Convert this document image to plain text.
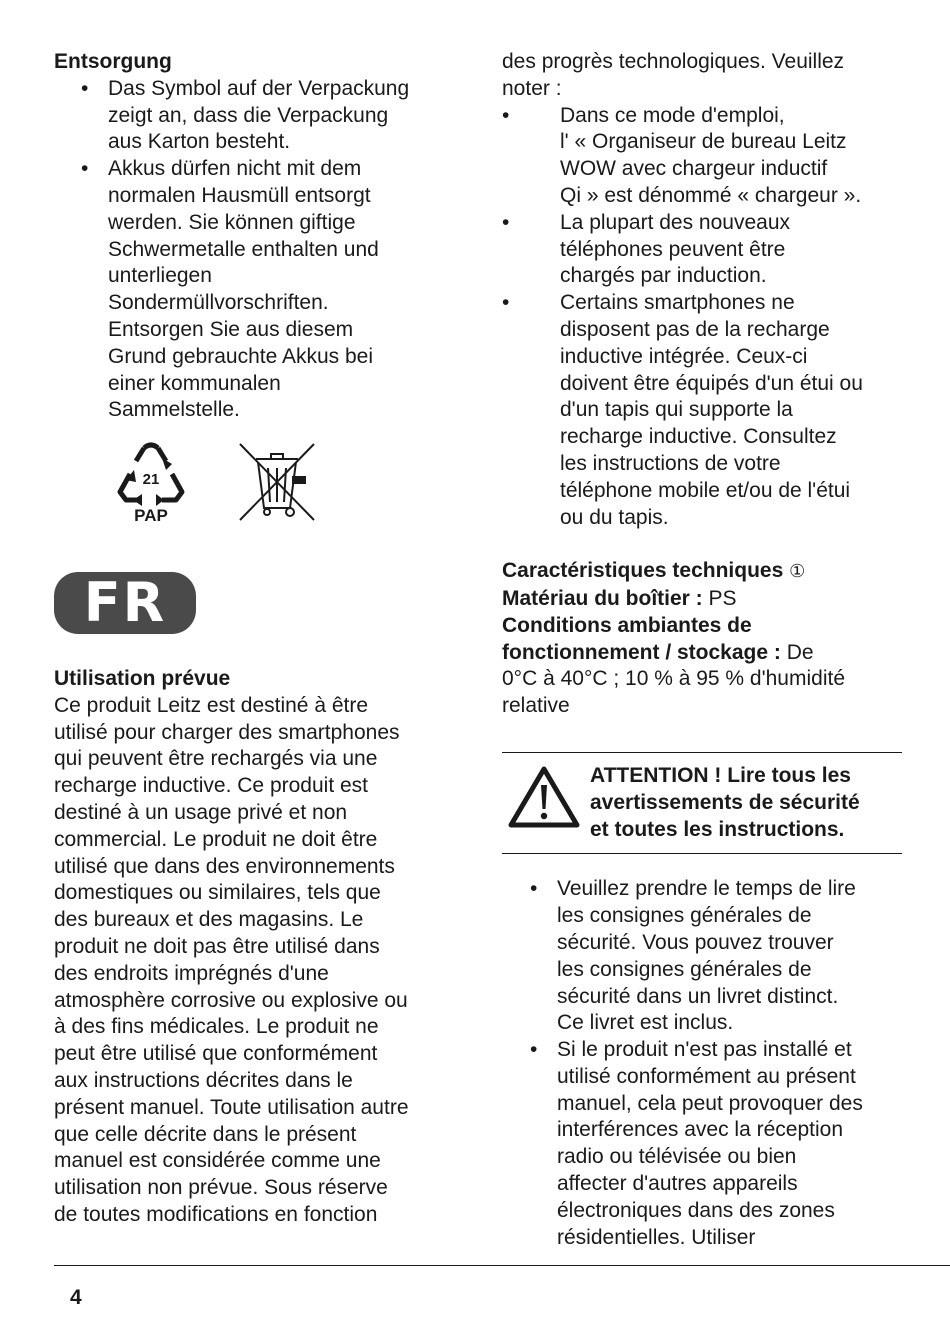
Entsorgung
• Das Symbol auf der Verpackung
zeigt an, dass die Verpackung
aus Karton besteht.
• Akkus dürfen nicht mit dem
normalen Hausmüll entsorgt
werden. Sie können giftige
Schwermetalle enthalten und
unterliegen
Sondermüllvorschriften.
Entsorgen Sie aus diesem
Grund gebrauchte Akkus bei
einer kommunalen
Sammelstelle.
21
PAP
FR
Utilisation prévue
Ce produit Leitz est destiné à être
utilisé pour charger des smartphones
qui peuvent être rechargés via une
recharge inductive. Ce produit est
destiné à un usage privé et non
commercial. Le produit ne doit être
utilisé que dans des environnements
domestiques ou similaires, tels que
des bureaux et des magasins. Le
produit ne doit pas être utilisé dans
des endroits imprégnés d'une
atmosphère corrosive ou explosive ou
à des fins médicales. Le produit ne
peut être utilisé que conformément
aux instructions décrites dans le
présent manuel. Toute utilisation autre
que celle décrite dans le présent
manuel est considérée comme une
utilisation non prévue. Sous réserve
de toutes modifications en fonction
des progrès technologiques. Veuillez
noter :
• Dans ce mode d'emploi,
l' « Organiseur de bureau Leitz
WOW avec chargeur inductif
Qi » est dénommé « chargeur ».
• La plupart des nouveaux
téléphones peuvent être
chargés par induction.
• Certains smartphones ne
disposent pas de la recharge
inductive intégrée. Ceux-ci
doivent être équipés d'un étui ou
d'un tapis qui supporte la
recharge inductive. Consultez
les instructions de votre
téléphone mobile et/ou de l'étui
ou du tapis.
Caractéristiques techniques ①
Matériau du boîtier : PS
Conditions ambiantes de
fonctionnement / stockage : De
0°C à 40°C ; 10 % à 95 % d'humidité
relative
ATTENTION ! Lire tous les
avertissements de sécurité
et toutes les instructions.
• Veuillez prendre le temps de lire
les consignes générales de
sécurité. Vous pouvez trouver
les consignes générales de
sécurité dans un livret distinct.
Ce livret est inclus.
• Si le produit n'est pas installé et
utilisé conformément au présent
manuel, cela peut provoquer des
interférences avec la réception
radio ou télévisée ou bien
affecter d'autres appareils
électroniques dans des zones
résidentielles. Utiliser
4
